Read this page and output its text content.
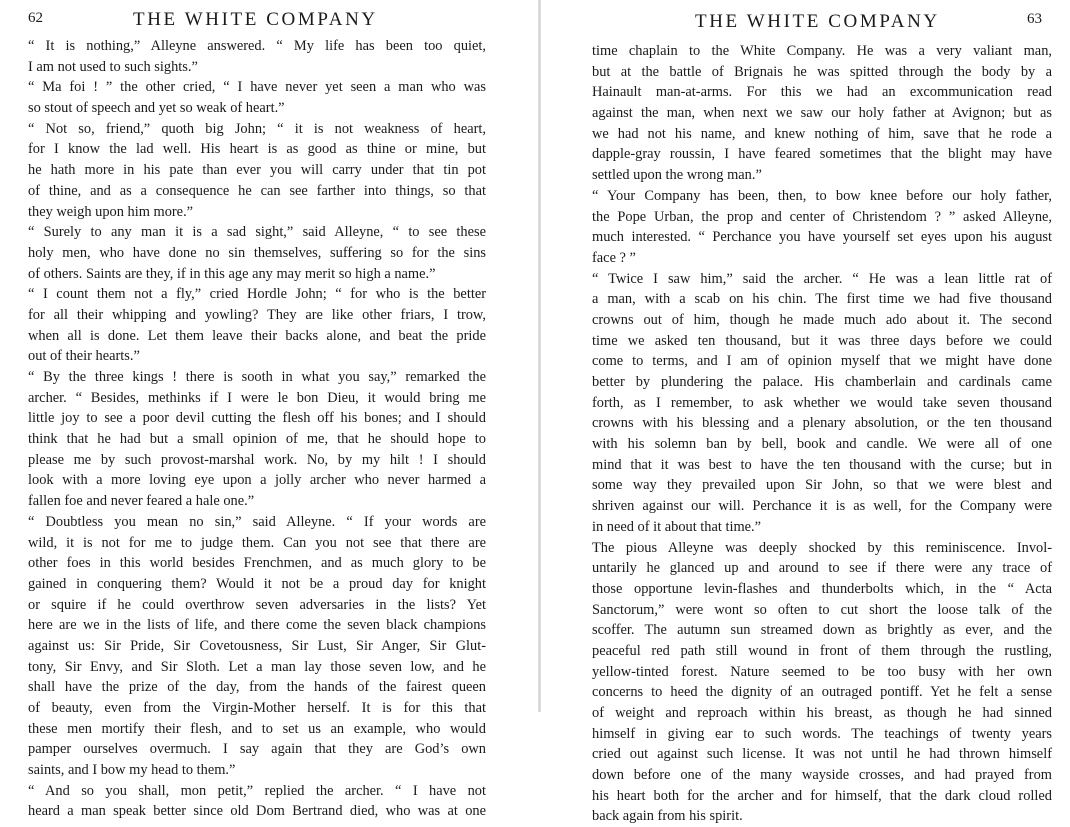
62	THE WHITE COMPANY
“ It is nothing,” Alleyne answered. “ My life has been too quiet,
I am not used to such sights.”
“ Ma foi ! ” the other cried, “ I have never yet seen a man who was
so stout of speech and yet so weak of heart.”
“ Not so, friend,” quoth big John; “ it is not weakness of heart,
for I know the lad well. His heart is as good as thine or mine, but
he hath more in his pate than ever you will carry under that tin pot
of thine, and as a consequence he can see farther into things, so that
they weigh upon him more.”
“ Surely to any man it is a sad sight,” said Alleyne, “ to see these
holy men, who have done no sin themselves, suffering so for the sins
of others. Saints are they, if in this age any may merit so high a name.”
“ I count them not a fly,” cried Hordle John; “ for who is the better
for all their whipping and yowling? They are like other friars, I trow,
when all is done. Let them leave their backs alone, and beat the pride
out of their hearts.”
“ By the three kings ! there is sooth in what you say,” remarked the
archer. “ Besides, methinks if I were le bon Dieu, it would bring me
little joy to see a poor devil cutting the flesh off his bones; and I should
think that he had but a small opinion of me, that he should hope to
please me by such provost-marshal work. No, by my hilt ! I should
look with a more loving eye upon a jolly archer who never harmed a
fallen foe and never feared a hale one.”
“ Doubtless you mean no sin,” said Alleyne. “ If your words are
wild, it is not for me to judge them. Can you not see that there are
other foes in this world besides Frenchmen, and as much glory to be
gained in conquering them? Would it not be a proud day for knight
or squire if he could overthrow seven adversaries in the lists? Yet
here are we in the lists of life, and there come the seven black champions
against us: Sir Pride, Sir Covetousness, Sir Lust, Sir Anger, Sir Glut-
tony, Sir Envy, and Sir Sloth. Let a man lay those seven low, and he
shall have the prize of the day, from the hands of the fairest queen
of beauty, even from the Virgin-Mother herself. It is for this that
these men mortify their flesh, and to set us an example, who would
pamper ourselves overmuch. I say again that they are God’s own
saints, and I bow my head to them.”
“ And so you shall, mon petit,” replied the archer. “ I have not
heard a man speak better since old Dom Bertrand died, who was at one
THE WHITE COMPANY	63
time chaplain to the White Company. He was a very valiant man,
but at the battle of Brignais he was spitted through the body by a
Hainault man-at-arms. For this we had an excommunication read
against the man, when next we saw our holy father at Avignon; but as
we had not his name, and knew nothing of him, save that he rode a
dapple-gray roussin, I have feared sometimes that the blight may have
settled upon the wrong man.”
“ Your Company has been, then, to bow knee before our holy father,
the Pope Urban, the prop and center of Christendom ? ” asked Alleyne,
much interested. “ Perchance you have yourself set eyes upon his august
face ? ”
“ Twice I saw him,” said the archer. “ He was a lean little rat of
a man, with a scab on his chin. The first time we had five thousand
crowns out of him, though he made much ado about it. The second
time we asked ten thousand, but it was three days before we could
come to terms, and I am of opinion myself that we might have done
better by plundering the palace. His chamberlain and cardinals came
forth, as I remember, to ask whether we would take seven thousand
crowns with his blessing and a plenary absolution, or the ten thousand
with his solemn ban by bell, book and candle. We were all of one
mind that it was best to have the ten thousand with the curse; but in
some way they prevailed upon Sir John, so that we were blest and
shriven against our will. Perchance it is as well, for the Company were
in need of it about that time.”
The pious Alleyne was deeply shocked by this reminiscence. Invol-
untarily he glanced up and around to see if there were any trace of
those opportune levin-flashes and thunderbolts which, in the “ Acta
Sanctorum,” were wont so often to cut short the loose talk of the
scoffer. The autumn sun streamed down as brightly as ever, and the
peaceful red path still wound in front of them through the rustling,
yellow-tinted forest. Nature seemed to be too busy with her own
concerns to heed the dignity of an outraged pontiff. Yet he felt a sense
of weight and reproach within his breast, as though he had sinned
himself in giving ear to such words. The teachings of twenty years
cried out against such license. It was not until he had thrown himself
down before one of the many wayside crosses, and had prayed from
his heart both for the archer and for himself, that the dark cloud rolled
back again from his spirit.
